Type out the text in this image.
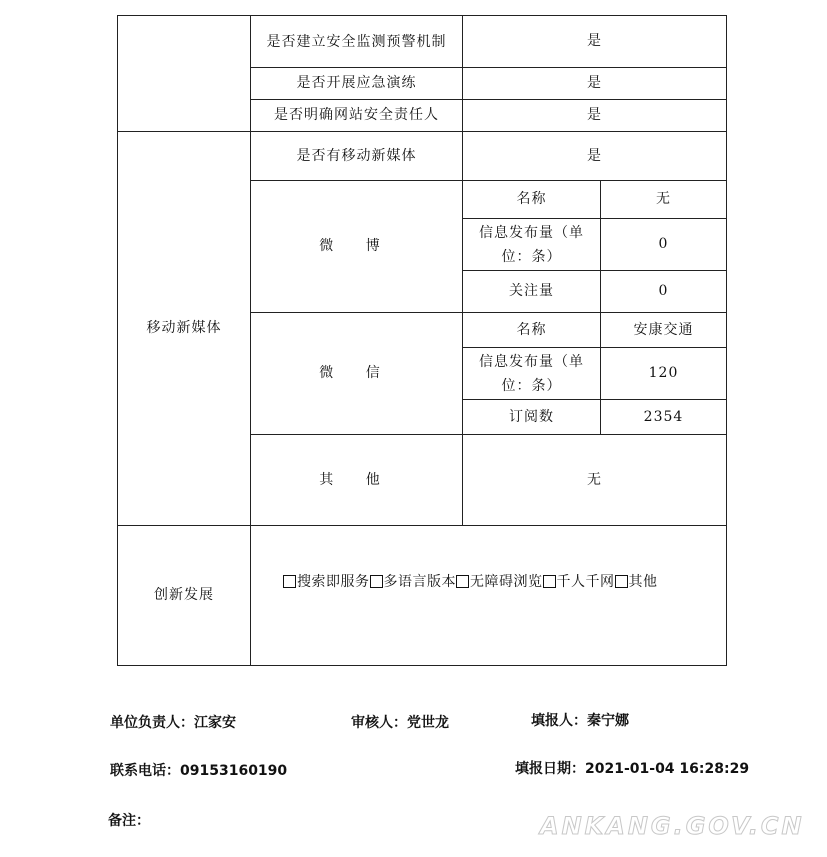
	是否建立安全监测预警机制	是	
	是否开展应急演练	是	
	是否明确网站安全责任人	是	
移动新媒体	是否有移动新媒体	是	
	微 博	名称	无
		信息发布量（单位：条）	0
		关注量	0
	微 信	名称	安康交通
		信息发布量（单位：条）	120
		订阅数	2354
	其 他	无	
创新发展	搜索即服务 多语言版本 无障碍浏览 千人千网 其他		
单位负责人：江家安	审核人：党世龙	填报人：秦宁娜
联系电话：09153160190	填报日期：2021-01-04 16:28:29
备注：	ANKANG.GOV.CN
